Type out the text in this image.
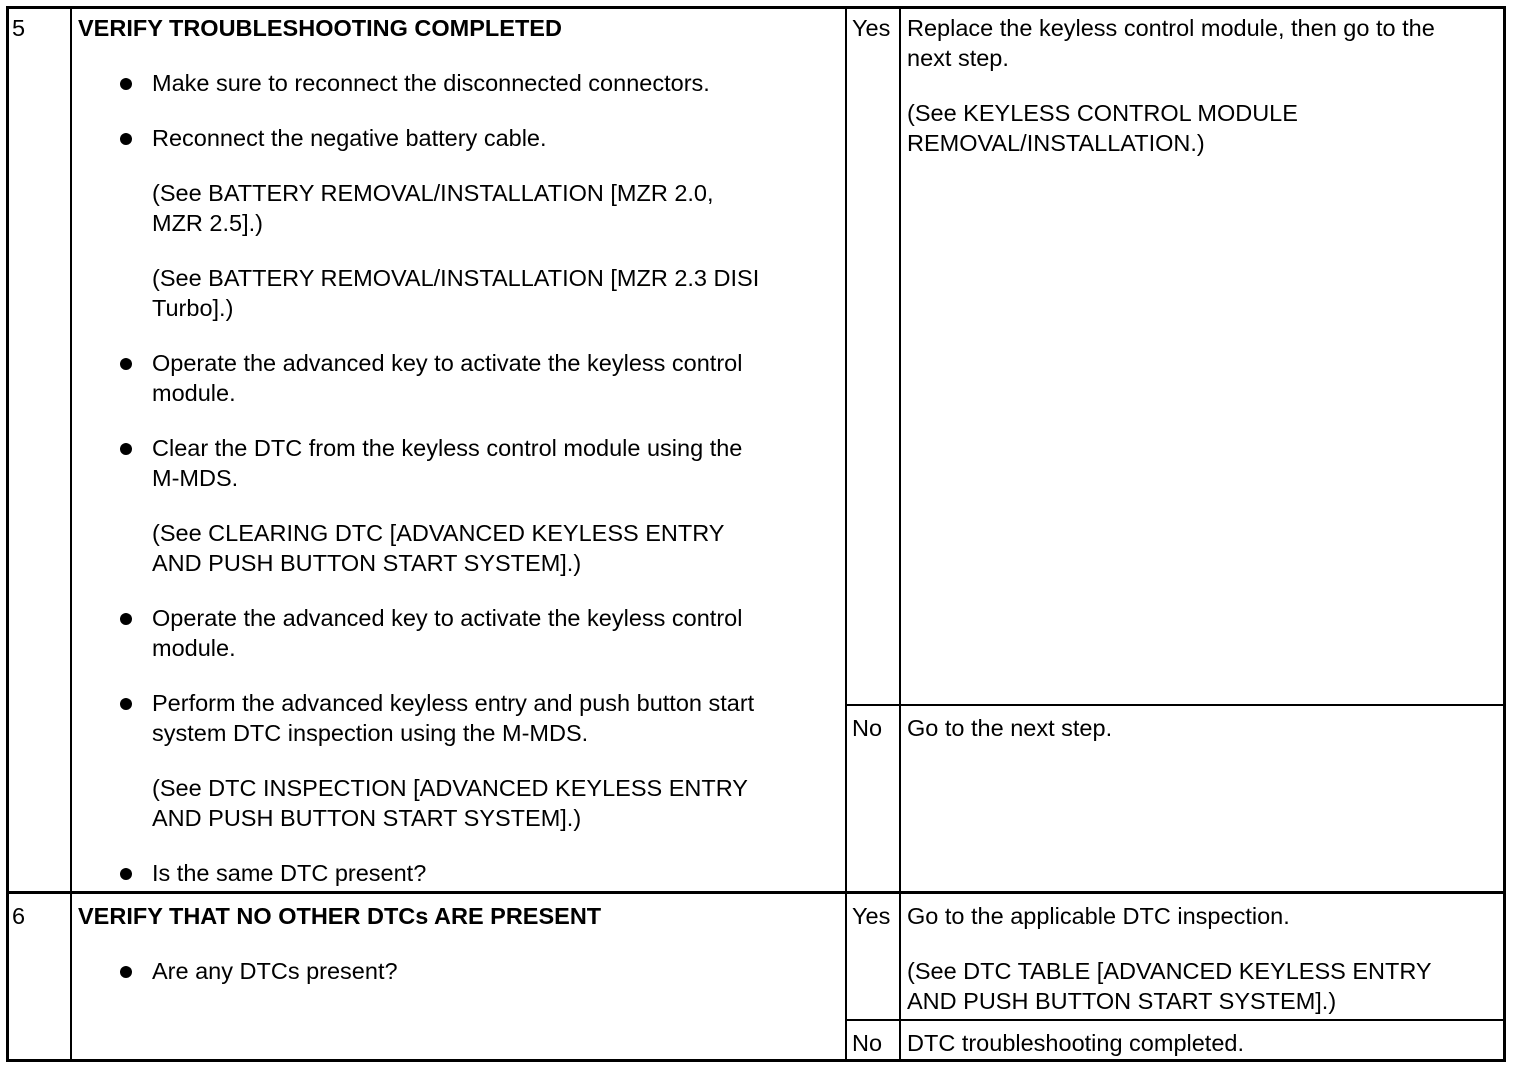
5 VERIFY TROUBLESHOOTING COMPLETED
Make sure to reconnect the disconnected connectors.
Reconnect the negative battery cable.
(See BATTERY REMOVAL/INSTALLATION [MZR 2.0,
MZR 2.5].)
(See BATTERY REMOVAL/INSTALLATION [MZR 2.3 DISI
Turbo].)
Operate the advanced key to activate the keyless control
module.
Clear the DTC from the keyless control module using the
M-MDS.
(See CLEARING DTC [ADVANCED KEYLESS ENTRY
AND PUSH BUTTON START SYSTEM].)
Operate the advanced key to activate the keyless control
module.
Perform the advanced keyless entry and push button start
system DTC inspection using the M-MDS.
(See DTC INSPECTION [ADVANCED KEYLESS ENTRY
AND PUSH BUTTON START SYSTEM].)
Is the same DTC present?
Yes Replace the keyless control module, then go to the
next step.
(See KEYLESS CONTROL MODULE
REMOVAL/INSTALLATION.)
No Go to the next step.
6 VERIFY THAT NO OTHER DTCs ARE PRESENT
Are any DTCs present?
Yes Go to the applicable DTC inspection.
(See DTC TABLE [ADVANCED KEYLESS ENTRY
AND PUSH BUTTON START SYSTEM].)
No DTC troubleshooting completed.
